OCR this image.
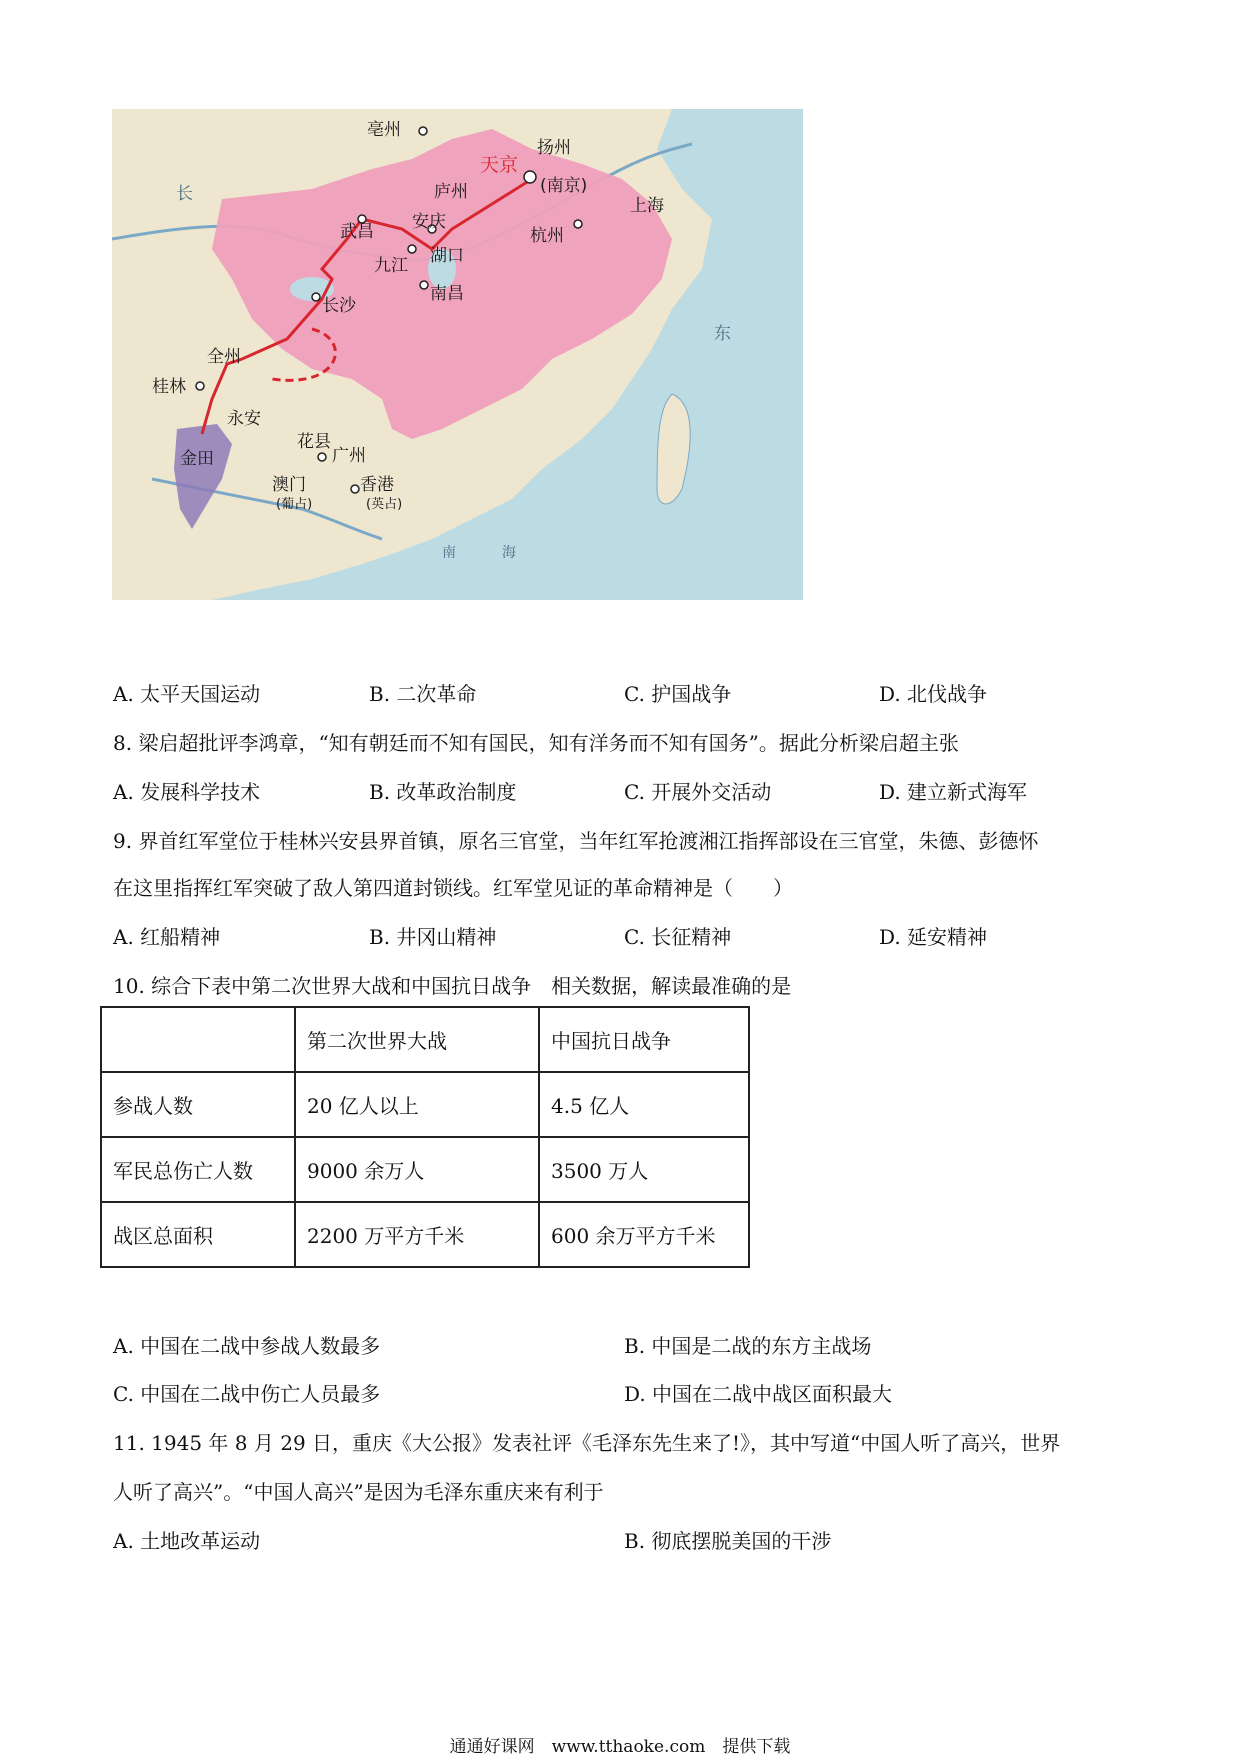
亳州
扬州
天京
(南京)
庐州
上海
武昌 安庆
杭州
九江 湖口
长沙
南昌
全州
桂林
永安
金田
花县
广州
澳门
(葡占)
香港
(英占)
长
东
南	海
A. 太平天国运动	B. 二次革命	C. 护国战争	D. 北伐战争
8. 梁启超批评李鸿章，“知有朝廷而不知有国民，知有洋务而不知有国务”。据此分析梁启超主张
A. 发展科学技术	B. 改革政治制度	C. 开展外交活动	D. 建立新式海军
9. 界首红军堂位于桂林兴安县界首镇，原名三官堂，当年红军抢渡湘江指挥部设在三官堂，朱德、彭德怀
在这里指挥红军突破了敌人第四道封锁线。红军堂见证的革命精神是（　　）
A. 红船精神	B. 井冈山精神	C. 长征精神	D. 延安精神
10. 综合下表中第二次世界大战和中国抗日战争　相关数据，解读最准确的是
	第二次世界大战	中国抗日战争
参战人数	20 亿人以上	4.5 亿人
军民总伤亡人数	9000 余万人	3500 万人
战区总面积	2200 万平方千米	600 余万平方千米
A. 中国在二战中参战人数最多	B. 中国是二战的东方主战场
C. 中国在二战中伤亡人员最多	D. 中国在二战中战区面积最大
11. 1945 年 8 月 29 日，重庆《大公报》发表社评《毛泽东先生来了!》，其中写道“中国人听了高兴，世界
人听了高兴”。“中国人高兴”是因为毛泽东重庆来有利于
A. 土地改革运动	B. 彻底摆脱美国的干涉
通通好课网　www.tthaoke.com　提供下载
